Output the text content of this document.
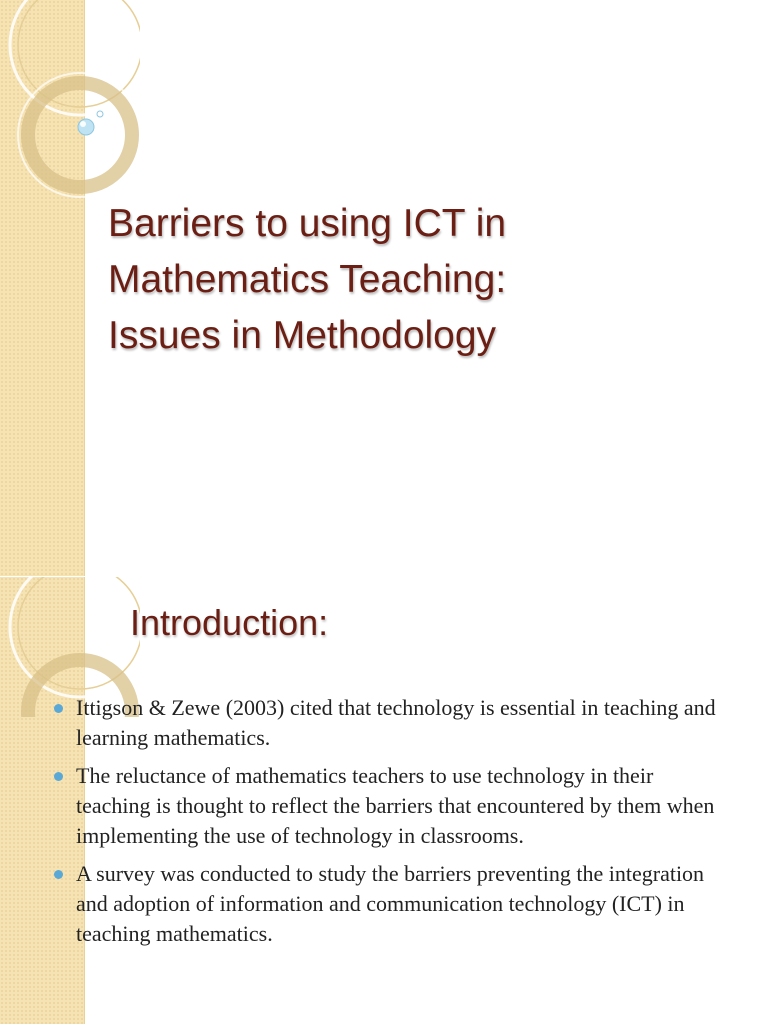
Barriers to using ICT in
Mathematics Teaching:
Issues in Methodology
Introduction:
Ittigson & Zewe (2003) cited that technology is essential in teaching and learning mathematics.
The reluctance of mathematics teachers to use technology in their teaching is thought to reflect the barriers that encountered by them when implementing the use of technology in classrooms.
A survey was conducted to study the barriers preventing the integration and adoption of information and communication technology (ICT) in teaching mathematics.
